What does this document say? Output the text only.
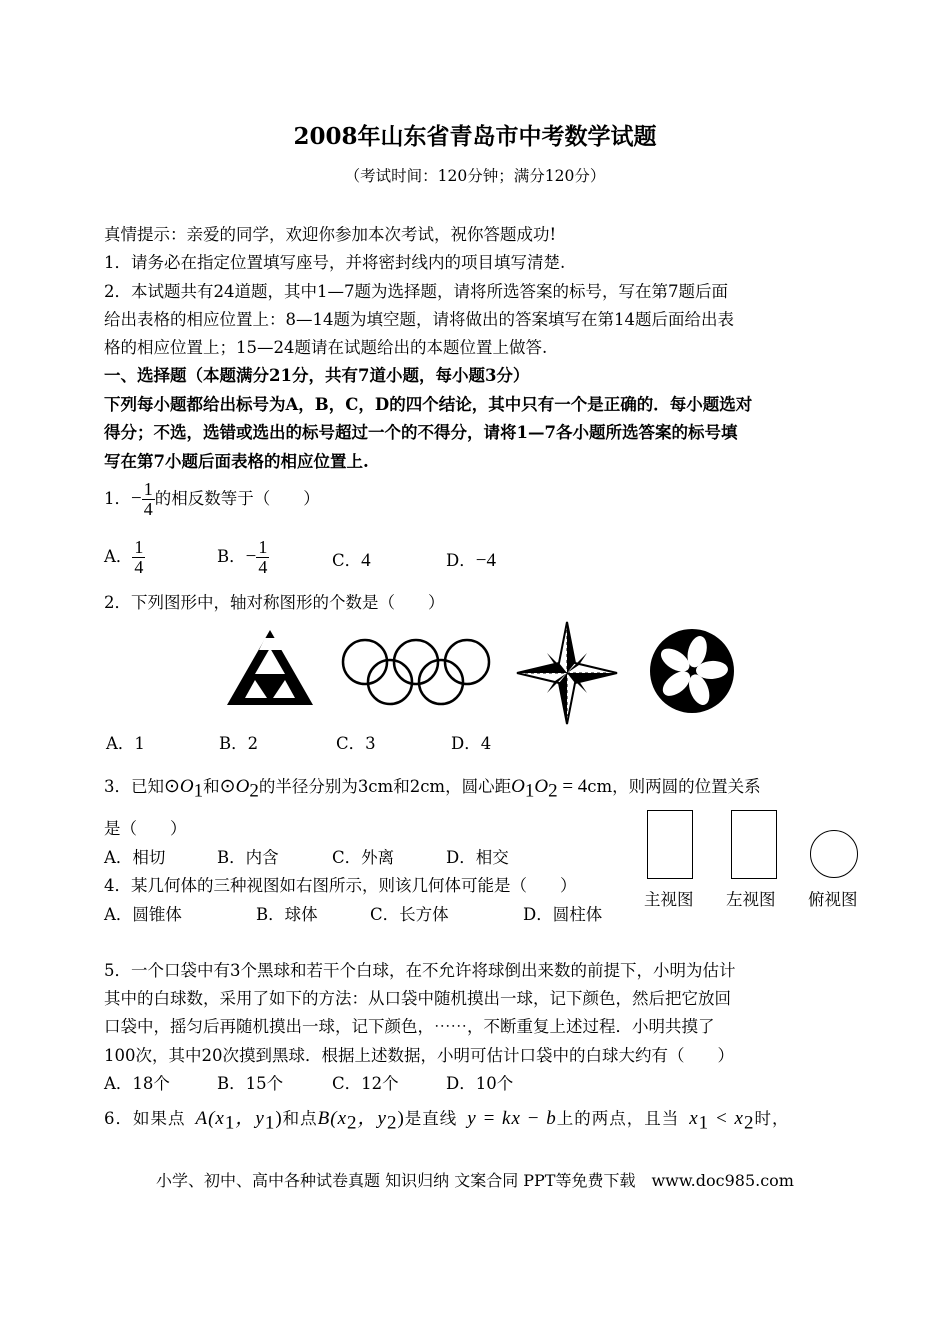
2008年山东省青岛市中考数学试题
（考试时间：120分钟；满分120分）
真情提示：亲爱的同学，欢迎你参加本次考试，祝你答题成功!
1．请务必在指定位置填写座号，并将密封线内的项目填写清楚.
2．本试题共有24道题，其中1—7题为选择题，请将所选答案的标号，写在第7题后面
给出表格的相应位置上：8—14题为填空题，请将做出的答案填写在第14题后面给出表
格的相应位置上；15—24题请在试题给出的本题位置上做答.
一、选择题（本题满分21分，共有7道小题，每小题3分）
下列每小题都给出标号为A，B，C，D的四个结论，其中只有一个是正确的．每小题选对
得分；不选，选错或选出的标号超过一个的不得分，请将1—7各小题所选答案的标号填
写在第7小题后面表格的相应位置上.
1．− $\frac{1}{4}$ 的相反数等于（　　）
A． $\frac{1}{4}$	B．− $\frac{1}{4}$	C．4	D．−4
2．下列图形中，轴对称图形的个数是（　　）
A．1	B．2	C．3	D．4
3．已知$⊙O_1$和$⊙O_2$的半径分别为3cm和2cm，圆心距$O_1O_2 = 4cm$，则两圆的位置关系
是（　　）
A．相切	B．内含	C．外离	D．相交
主视图 左视图 俯视图
4．某几何体的三种视图如右图所示，则该几何体可能是（　　）
A．圆锥体	B．球体	C．长方体	D．圆柱体
5．一个口袋中有3个黑球和若干个白球，在不允许将球倒出来数的前提下，小明为估计
其中的白球数，采用了如下的方法：从口袋中随机摸出一球，记下颜色，然后把它放回
口袋中，摇匀后再随机摸出一球，记下颜色，⋯⋯，不断重复上述过程．小明共摸了
100次，其中20次摸到黑球．根据上述数据，小明可估计口袋中的白球大约有（　　）
A．18个	B．15个	C．12个	D．10个
6．如果点 $A(x_1$，$y_1$)和点$B(x_2$，$y_2$)是直线 y = kx − b上的两点，且当 $x_1 < x_2$时，
小学、初中、高中各种试卷真题 知识归纳 文案合同 PPT等免费下载　www.doc985.com
